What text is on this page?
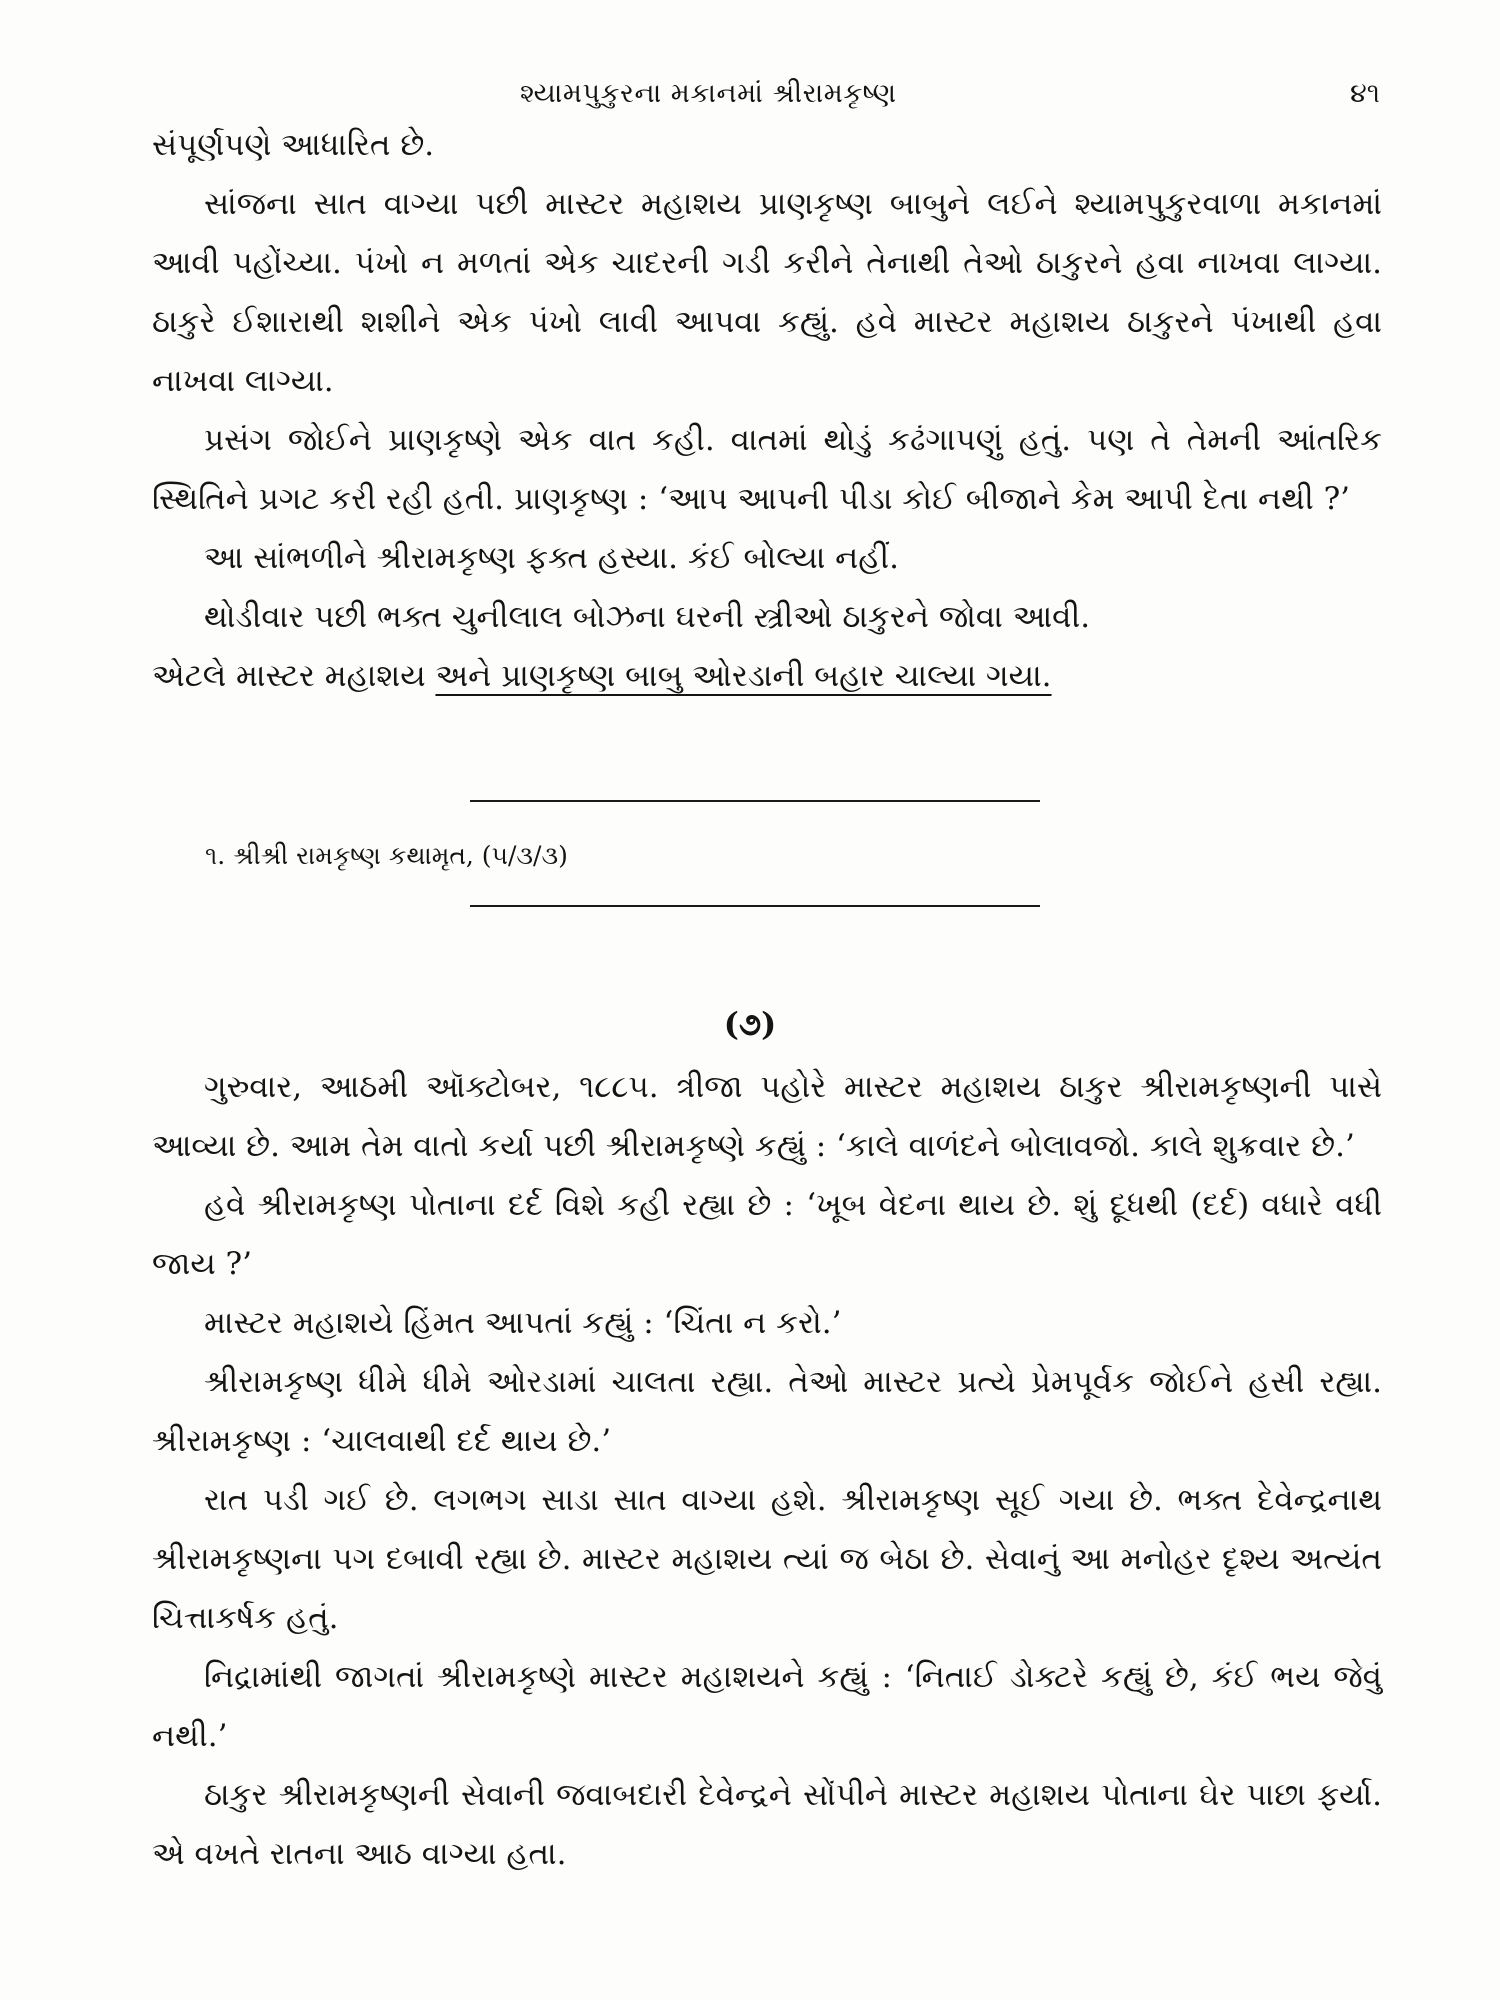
શ્યામપુકુરના મકાનમાં શ્રીરામકૃષ્ણ	૪૧

સંપૂર્ણપણે આધારિત છે.

સાંજના સાત વાગ્યા પછી માસ્ટર મહાશય પ્રાણકૃષ્ણ બાબુને લઈને શ્યામપુકુરવાળા મકાનમાં આવી પહોંચ્યા. પંખો ન મળતાં એક ચાદરની ગડી કરીને તેનાથી તેઓ ઠાકુરને હવા નાખવા લાગ્યા. ઠાકુરે ઈશારાથી શશીને એક પંખો લાવી આપવા કહ્યું. હવે માસ્ટર મહાશય ઠાકુરને પંખાથી હવા નાખવા લાગ્યા.

પ્રસંગ જોઈને પ્રાણકૃષ્ણે એક વાત કહી. વાતમાં થોડું કઢંગાપણું હતું. પણ તે તેમની આંતરિક સ્થિતિને પ્રગટ કરી રહી હતી. પ્રાણકૃષ્ણ : ‘આપ આપની પીડા કોઈ બીજાને કેમ આપી દેતા નથી ?’

આ સાંભળીને શ્રીરામકૃષ્ણ ફક્ત હસ્યા. કંઈ બોલ્યા નહીં.

થોડીવાર પછી ભક્ત ચુનીલાલ બોઝના ઘરની સ્ત્રીઓ ઠાકુરને જોવા આવી.

એટલે માસ્ટર મહાશય અને પ્રાણકૃષ્ણ બાબુ ઓરડાની બહાર ચાલ્યા ગયા.

૧. શ્રીશ્રી રામકૃષ્ણ કથામૃત, (૫/૩/૩)
(૭)

ગુરુવાર, આઠમી ઑક્ટોબર, ૧૮૮૫. ત્રીજા પહોરે માસ્ટર મહાશય ઠાકુર શ્રીરામકૃષ્ણની પાસે આવ્યા છે. આમ તેમ વાતો કર્યા પછી શ્રીરામકૃષ્ણે કહ્યું : ‘કાલે વાળંદને બોલાવજો. કાલે શુક્રવાર છે.’

હવે શ્રીરામકૃષ્ણ પોતાના દર્દ વિશે કહી રહ્યા છે : ‘ખૂબ વેદના થાય છે. શું દૂધથી (દર્દ) વધારે વધી જાય ?’

માસ્ટર મહાશયે હિંમત આપતાં કહ્યું : ‘ચિંતા ન કરો.’

શ્રીરામકૃષ્ણ ધીમે ધીમે ઓરડામાં ચાલતા રહ્યા. તેઓ માસ્ટર પ્રત્યે પ્રેમપૂર્વક જોઈને હસી રહ્યા. શ્રીરામકૃષ્ણ : ‘ચાલવાથી દર્દ થાય છે.’

રાત પડી ગઈ છે. લગભગ સાડા સાત વાગ્યા હશે. શ્રીરામકૃષ્ણ સૂઈ ગયા છે. ભક્ત દેવેન્દ્રનાથ શ્રીરામકૃષ્ણના પગ દબાવી રહ્યા છે. માસ્ટર મહાશય ત્યાં જ બેઠા છે. સેવાનું આ મનોહર દૃશ્ય અત્યંત ચિત્તાકર્ષક હતું.

નિદ્રામાંથી જાગતાં શ્રીરામકૃષ્ણે માસ્ટર મહાશયને કહ્યું : ‘નિતાઈ ડોક્ટરે કહ્યું છે, કંઈ ભય જેવું નથી.’

ઠાકુર શ્રીરામકૃષ્ણની સેવાની જવાબદારી દેવેન્દ્રને સોંપીને માસ્ટર મહાશય પોતાના ઘેર પાછા ફર્યા. એ વખતે રાતના આઠ વાગ્યા હતા.
